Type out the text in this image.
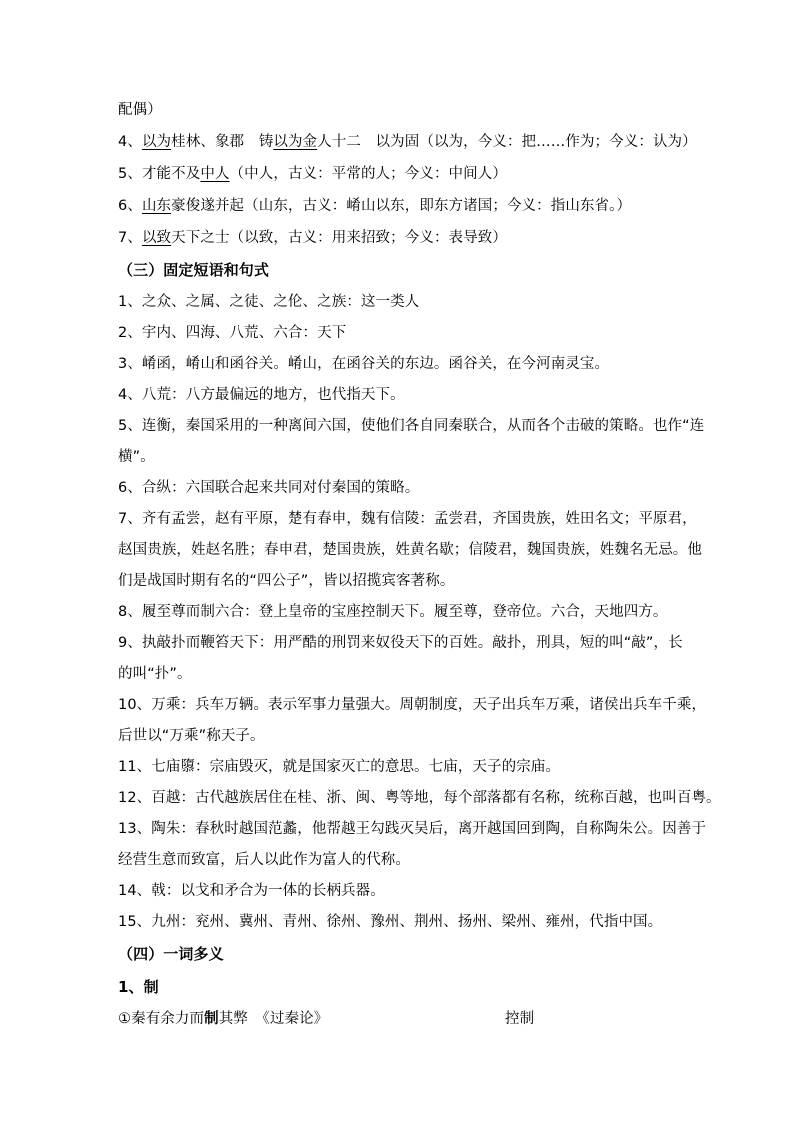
配偶）
4、以为桂林、象郡　铸以为金人十二　以为固（以为，今义：把……作为；今义：认为）
5、才能不及中人（中人，古义：平常的人；今义：中间人）
6、山东豪俊遂并起（山东，古义：崤山以东，即东方诸国；今义：指山东省。）
7、以致天下之士（以致，古义：用来招致；今义：表导致）
（三）固定短语和句式
1、之众、之属、之徒、之伦、之族：这一类人
2、宇内、四海、八荒、六合：天下
3、崤函，崤山和函谷关。崤山，在函谷关的东边。函谷关，在今河南灵宝。
4、八荒：八方最偏远的地方，也代指天下。
5、连衡，秦国采用的一种离间六国，使他们各自同秦联合，从而各个击破的策略。也作“连
横”。
6、合纵：六国联合起来共同对付秦国的策略。
7、齐有孟尝，赵有平原，楚有春申，魏有信陵：孟尝君，齐国贵族，姓田名文；平原君，
赵国贵族，姓赵名胜；春申君，楚国贵族，姓黄名歇；信陵君，魏国贵族，姓魏名无忌。他
们是战国时期有名的“四公子”，皆以招揽宾客著称。
8、履至尊而制六合：登上皇帝的宝座控制天下。履至尊，登帝位。六合，天地四方。
9、执敲扑而鞭笞天下：用严酷的刑罚来奴役天下的百姓。敲扑，刑具，短的叫“敲”，长
的叫“扑”。
10、万乘：兵车万辆。表示军事力量强大。周朝制度，天子出兵车万乘，诸侯出兵车千乘，
后世以“万乘”称天子。
11、七庙隳：宗庙毁灭，就是国家灭亡的意思。七庙，天子的宗庙。
12、百越：古代越族居住在桂、浙、闽、粤等地，每个部落都有名称，统称百越，也叫百粤。
13、陶朱：春秋时越国范蠡，他帮越王勾践灭吴后，离开越国回到陶，自称陶朱公。因善于
经营生意而致富，后人以此作为富人的代称。
14、戟：以戈和矛合为一体的长柄兵器。
15、九州：兖州、冀州、青州、徐州、豫州、荆州、扬州、梁州、雍州，代指中国。
（四）一词多义
1、制
①秦有余力而制其弊　《过秦论》	控制
